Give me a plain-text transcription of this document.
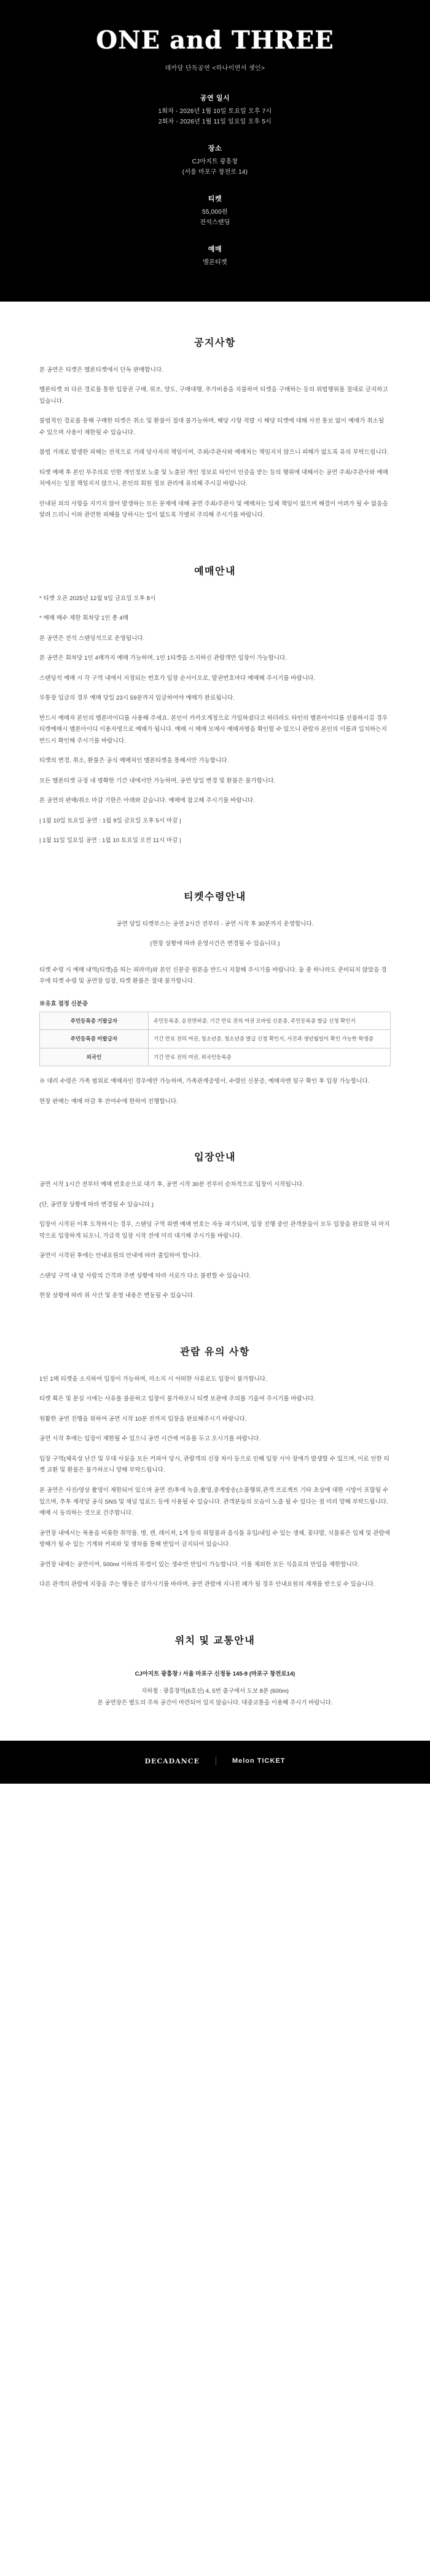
ONE and THREE
데카당 단독공연 <하나이면서 셋인>
공연 일시
1회차 - 2026년 1월 10일 토요일 오후 7시
2회차 - 2026년 1월 11일 일요일 오후 5시
장소
CJ아지트 광흥창
(서울 마포구 창전로 14)
티켓
55,000원
전석스탠딩
예매
멜론티켓
공지사항

본 공연은 티켓은 멜론티켓에서 단독 판매합니다.

멜론티켓 외 다른 경로를 통한 입장권 구매, 위조, 양도, 구매대행, 추가비용을 지불하여 티켓을 구매하는 등의 위법행위를 절대로 금지하고 있습니다.

불법적인 경로를 통해 구매한 티켓은 취소 및 환불이 절대 불가능하며, 해당 사항 적발 시 해당 티켓에 대해 사전 통보 없이 예매가 취소될 수 있으며 사용이 제한될 수 있습니다.

불법 거래로 발생한 피해는 전적으로 거래 당사자의 책임이며, 주최/주관사와 예매처는 책임지지 않으니 피해가 없도록 유의 부탁드립니다.

티켓 예매 후 본인 부주의로 인한 개인정보 노출 및 노출된 개인 정보로 타인이 인증을 받는 등의 행위에 대해서는 공연 주최/주관사와 예매처에서는 일절 책임지지 않으니, 본인의 회원 정보 관리에 유의해 주시길 바랍니다.

안내된 외의 사항을 지키지 않아 발생하는 모든 문제에 대해 공연 주최/주관사 및 예매처는 일체 책임이 없으며 해결이 어려가 될 수 없음을 알려 드리니 이와 관련한 피해를 당하시는 일이 없도록 각별히 주의해 주시기를 바랍니다.

예매안내

* 티켓 오픈 2025년 12월 9일 금요일 오후 8시

* 예매 매수 제한 회차당 1인 총 4매

본 공연은 전석 스탠딩석으로 운영됩니다.

본 공연은 회차당 1인 4매까지 예매 가능하며, 1인 1티켓을 소지하신 관람객만 입장이 가능합니다.

스탠딩석 예매 시 각 구역 내에서 지정되는 번호가 입장 순서이오로, 발권번호마다 예매해 주시기를 바랍니다.

무통장 입금의 경우 예매 당일 23시 59분까지 입금하여야 예매가 완료됩니다.

반드시 예매자 본인의 멜론마이디를 사용해 주세요. 본인이 카카오계정으로 가입하셨다고 하더라도 타인의 멜론아이디를 선불하시길 경우 티켓예매시 멜론아이디 이용자명으로 예매가 됩니다. 예매 시 메매 모매사 예매자명을 확인할 수 있으니 관람자 본인의 이름과 일치하는지 반드시 확인해 주시기를 바랍니다.

티켓의 변경, 취소, 환불은 공식 예매처인 멜론티켓을 통해서만 가능합니다.

모든 멜론티켓 규정 내 명확한 기간 내에서만 가능하며, 공연 당일 변경 및 환불은 불가합니다.

본 공연의 판매/취소 마감 기한은 아래와 같습니다. 예매에 참고해 주시기를 바랍니다.

| 1월 10일 토요일 공연 : 1월 9일 금요일 오후 5시 마감 |

| 1월 11일 일요일 공연 : 1월 10 토요일 오전 11시 마감 |

티켓수령안내

공연 당일 티켓부스는 공연 2시간 전부터 - 공연 시작 후 30분까지 운영합니다.

(현장 상황에 따라 운영시간은 변경될 수 있습니다.)

티켓 수령 시 예매 내역(티켓)을 띄는 피라미)와 본인 신분증 원본을 반드시 지참해 주시기를 바랍니다. 둘 중 하나라도 준비되지 않았을 경우에 티켓 수령 및 공연장 입장, 티켓 환불은 절대 불가합니다.

※유효 접정 신분증
주민등록증 기발급자	주민등록증, 운전면허증, 기간 만료 전의 여권 모바일 신분증, 주민등록증 발급 신청 확인서
주민등록증 미발급자	기간 만료 전의 여권, 청소년증, 청소년증 발급 신청 확인서, 사진과 생년월일이 확인 가능한 학생증
외국인	기간 만료 전의 여권, 외국인등록증

※ 대리 수령은 가족 범위로 예매자인 경우에만 가능하며, 가족관계증명서, 수령인 신분증, 예매자엔 임구 확인 후 입장 가능합니다.

현장 판매는 예매 마감 후 잔여수에 한하여 진행합니다.

입장안내

공연 시작 1시간 전부터 예매 번호순으로 대기 후, 공연 시작 30분 전부터 순차적으로 입장이 시작됩니다.

(단, 공연장 상황에 따라 변경될 수 있습니다.)

입장이 시작된 이후 도착하시는 경우, 스탠딩 구역 위엔 예매 번호는 자동 파기되며, 입장 진행 중인 관객분들이 모두 입장을 완료한 뒤 마지막으로 입장하게 되오니, 가급적 입장 시작 전에 미리 대기해 주시기를 바랍니다.

공연이 시작된 후에는 안내요원의 안내에 따라 출입하여 합니다.

스탠딩 구역 내 앞 사람의 간격과 주변 상황에 따라 서로가 다소 불편할 수 있습니다.

현장 상황에 따라 위 사간 및 운영 내용은 변동될 수 있습니다.

관람 유의 사항

1인 1매 티켓을 소지하여 입장이 가능하며, 미소지 시 어떠한 사유로도 입장이 불가합니다.

티켓 획은 및 분실 시에는 사유를 불문하고 입장이 불가하오니 티켓 보관에 주의를 기울여 주시기를 바랍니다.

원활한 공연 진행을 위하여 공연 시작 10분 전까지 입장을 완료해주시기 바랍니다.

공연 시작 후에는 입장이 제한될 수 있으니 공연 시간에 여유를 두고 오시기를 바랍니다.

입장 구역(체육성 난간 및 무대 사실을 모든 커피아 당시, 관람객의 신장 차이 등으로 인해 입장 시아 장애가 발생할 수 있으며, 이로 인한 티켓 교환 및 환불은 불가하오니 양해 부탁드립니다.

본 공연은 사진/영상 촬영이 제한되어 있으며 공연 전/후에 녹음,촬영,중계방송(소품행위,관객 프로젝트 기타 초상에 대한 시방이 포함될 수 있으며, 추후 제작당 공식 SNS 및 채널 업로드 등에 사용될 수 있습니다. 관객분들의 모습이 노출 될 수 있다는 점 미리 양해 부탁드립니다. 예매 시 동의하는 것으로 간주합니다.

공연장 내에서는 복용을 비롯한 취약품, 병, 캔, 레이져, 1개 등의 위험물과 음식물 유입/내입 수 있는 생체, 꽃다발, 식물류은 입체 및 관람에 방해가 될 수 있는 기계와 커피와 및 생차를 통해 반입이 금지되어 있습니다.

공연장 내에는 공연이여, 500ml 이하의 뚜껑이 있는 생수만 반입이 가능합니다. 이를 제외한 모든 식음료의 반입을 제한합니다.

다른 관객의 관람에 지장을 주는 행동은 삼가시기를 바라며, 공연 관람에 지나친 폐가 될 경우 안내요원의 제재를 받으실 수 있습니다.

위치 및 교통안내
CJ아지트 광흥창 / 서울 마포구 신정동 145-9 (마포구 창전로14)
지하철 : 광흥창역(6호선) 4, 5번 출구에서 도보 8분 (600m)
본 공연장은 별도의 주차 공간이 마련되어 있지 않습니다. 대중교통을 이용해 주시기 바랍니다.
DECADANCE	Melon TICKET
